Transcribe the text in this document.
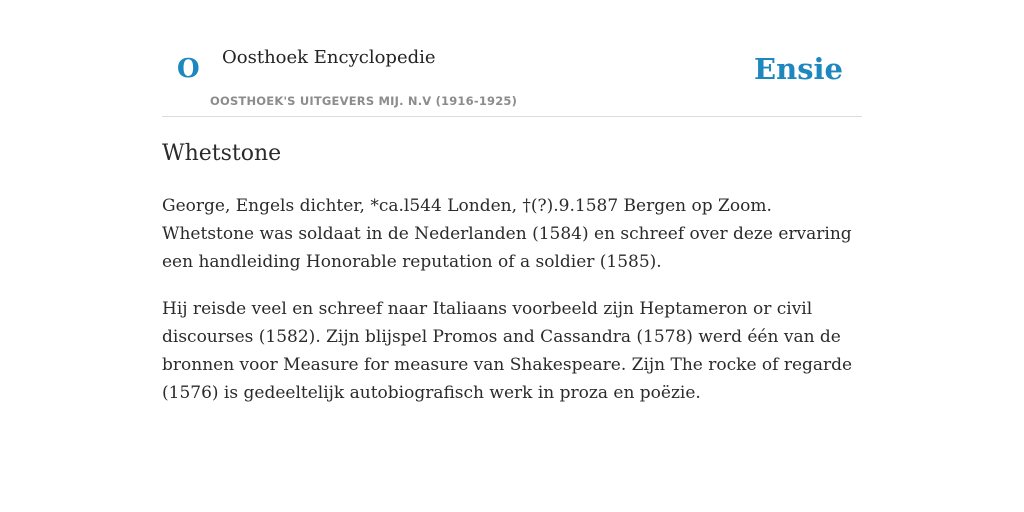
O Oosthoek Encyclopedie
OOSTHOEK'S UITGEVERS MIJ. N.V (1916-1925)
Ensie
Whetstone

George, Engels dichter, *ca.l544 Londen, †(?).9.1587 Bergen op Zoom. Whetstone was soldaat in de Nederlanden (1584) en schreef over deze ervaring een handleiding Honorable reputation of a soldier (1585).

Hij reisde veel en schreef naar Italiaans voorbeeld zijn Heptameron or civil discourses (1582). Zijn blijspel Promos and Cassandra (1578) werd één van de bronnen voor Measure for measure van Shakespeare. Zijn The rocke of regarde (1576) is gedeeltelijk autobiografisch werk in proza en poëzie.
